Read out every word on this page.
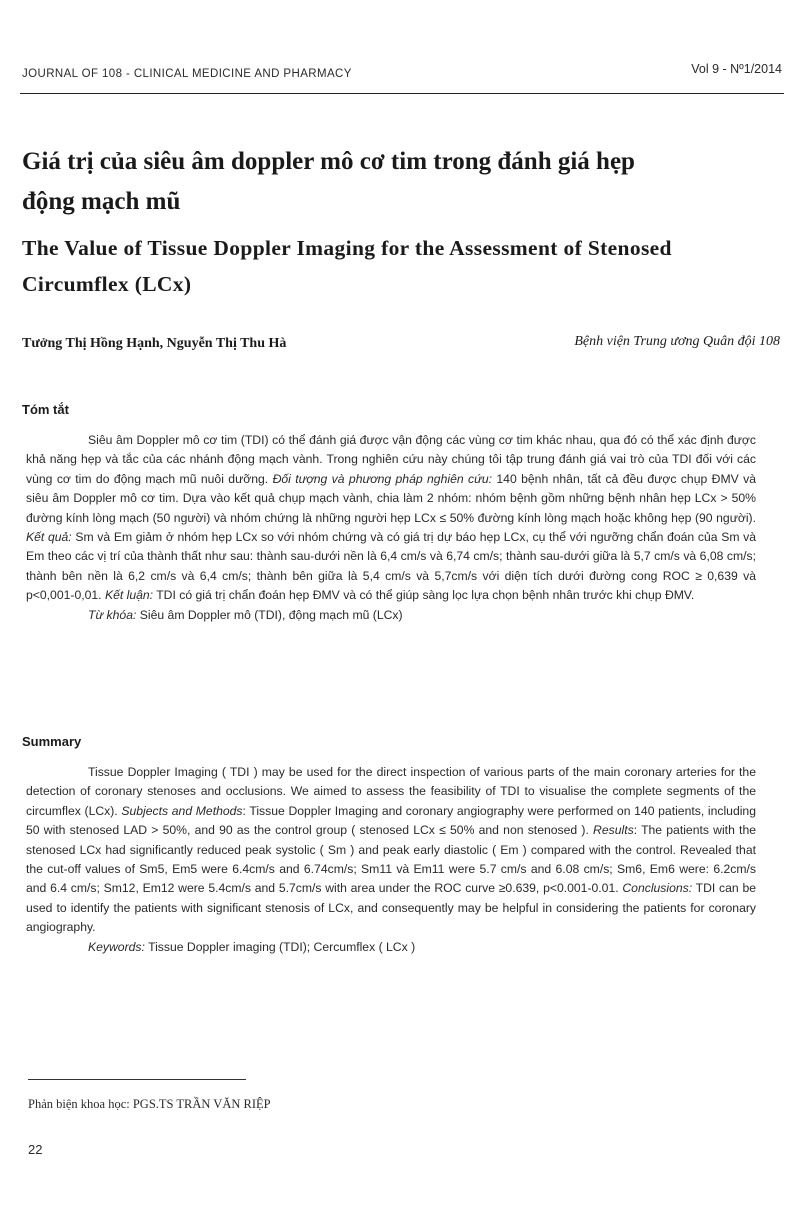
JOURNAL OF 108 - CLINICAL MEDICINE AND PHARMACY	Vol 9 - Nº1/2014
Giá trị của siêu âm doppler mô cơ tim trong đánh giá hẹp
động mạch mũ
The Value of Tissue Doppler Imaging for the Assessment of Stenosed
Circumflex (LCx)
Tưởng Thị Hồng Hạnh, Nguyễn Thị Thu Hà	Bệnh viện Trung ương Quân đội 108
Tóm tắt

Siêu âm Doppler mô cơ tim (TDI) có thể đánh giá được vận động các vùng cơ tim khác nhau, qua đó có thể xác định được khả năng hẹp và tắc của các nhánh động mạch vành. Trong nghiên cứu này chúng tôi tập trung đánh giá vai trò của TDI đối với các vùng cơ tim do động mạch mũ nuôi dưỡng. Đối tượng và phương pháp nghiên cứu: 140 bệnh nhân, tất cả đều được chụp ĐMV và siêu âm Doppler mô cơ tim. Dựa vào kết quả chụp mạch vành, chia làm 2 nhóm: nhóm bệnh gồm những bệnh nhân hẹp LCx > 50% đường kính lòng mạch (50 người) và nhóm chứng là những người hẹp LCx ≤ 50% đường kính lòng mạch hoặc không hẹp (90 người). Kết quả: Sm và Em giảm ở nhóm hẹp LCx so với nhóm chứng và có giá trị dự báo hẹp LCx, cụ thể với ngưỡng chẩn đoán của Sm và Em theo các vị trí của thành thất như sau: thành sau-dưới nền là 6,4 cm/s và 6,74 cm/s; thành sau-dưới giữa là 5,7 cm/s và 6,08 cm/s; thành bên nền là 6,2 cm/s và 6,4 cm/s; thành bên giữa là 5,4 cm/s và 5,7cm/s với diện tích dưới đường cong ROC ≥ 0,639 và p<0,001-0,01. Kết luận: TDI có giá trị chẩn đoán hẹp ĐMV và có thể giúp sàng lọc lựa chọn bệnh nhân trước khi chụp ĐMV.

Từ khóa: Siêu âm Doppler mô (TDI), động mạch mũ (LCx)

Summary

Tissue Doppler Imaging ( TDI ) may be used for the direct inspection of various parts of the main coronary arteries for the detection of coronary stenoses and occlusions. We aimed to assess the feasibility of TDI to visualise the complete segments of the circumflex (LCx). Subjects and Methods: Tissue Doppler Imaging and coronary angiography were performed on 140 patients, including 50 with stenosed LAD > 50%, and 90 as the control group ( stenosed LCx ≤ 50% and non stenosed ). Results: The patients with the stenosed LCx had significantly reduced peak systolic ( Sm ) and peak early diastolic ( Em ) compared with the control. Revealed that the cut-off values of Sm5, Em5 were 6.4cm/s and 6.74cm/s; Sm11 và Em11 were 5.7 cm/s and 6.08 cm/s; Sm6, Em6 were: 6.2cm/s and 6.4 cm/s; Sm12, Em12 were 5.4cm/s and 5.7cm/s with area under the ROC curve ≥0.639, p<0.001-0.01. Conclusions: TDI can be used to identify the patients with significant stenosis of LCx, and consequently may be helpful in considering the patients for coronary angiography.

Keywords: Tissue Doppler imaging (TDI); Cercumflex ( LCx )

Phản biện khoa học: PGS.TS TRẦN VĂN RIỆP
22
